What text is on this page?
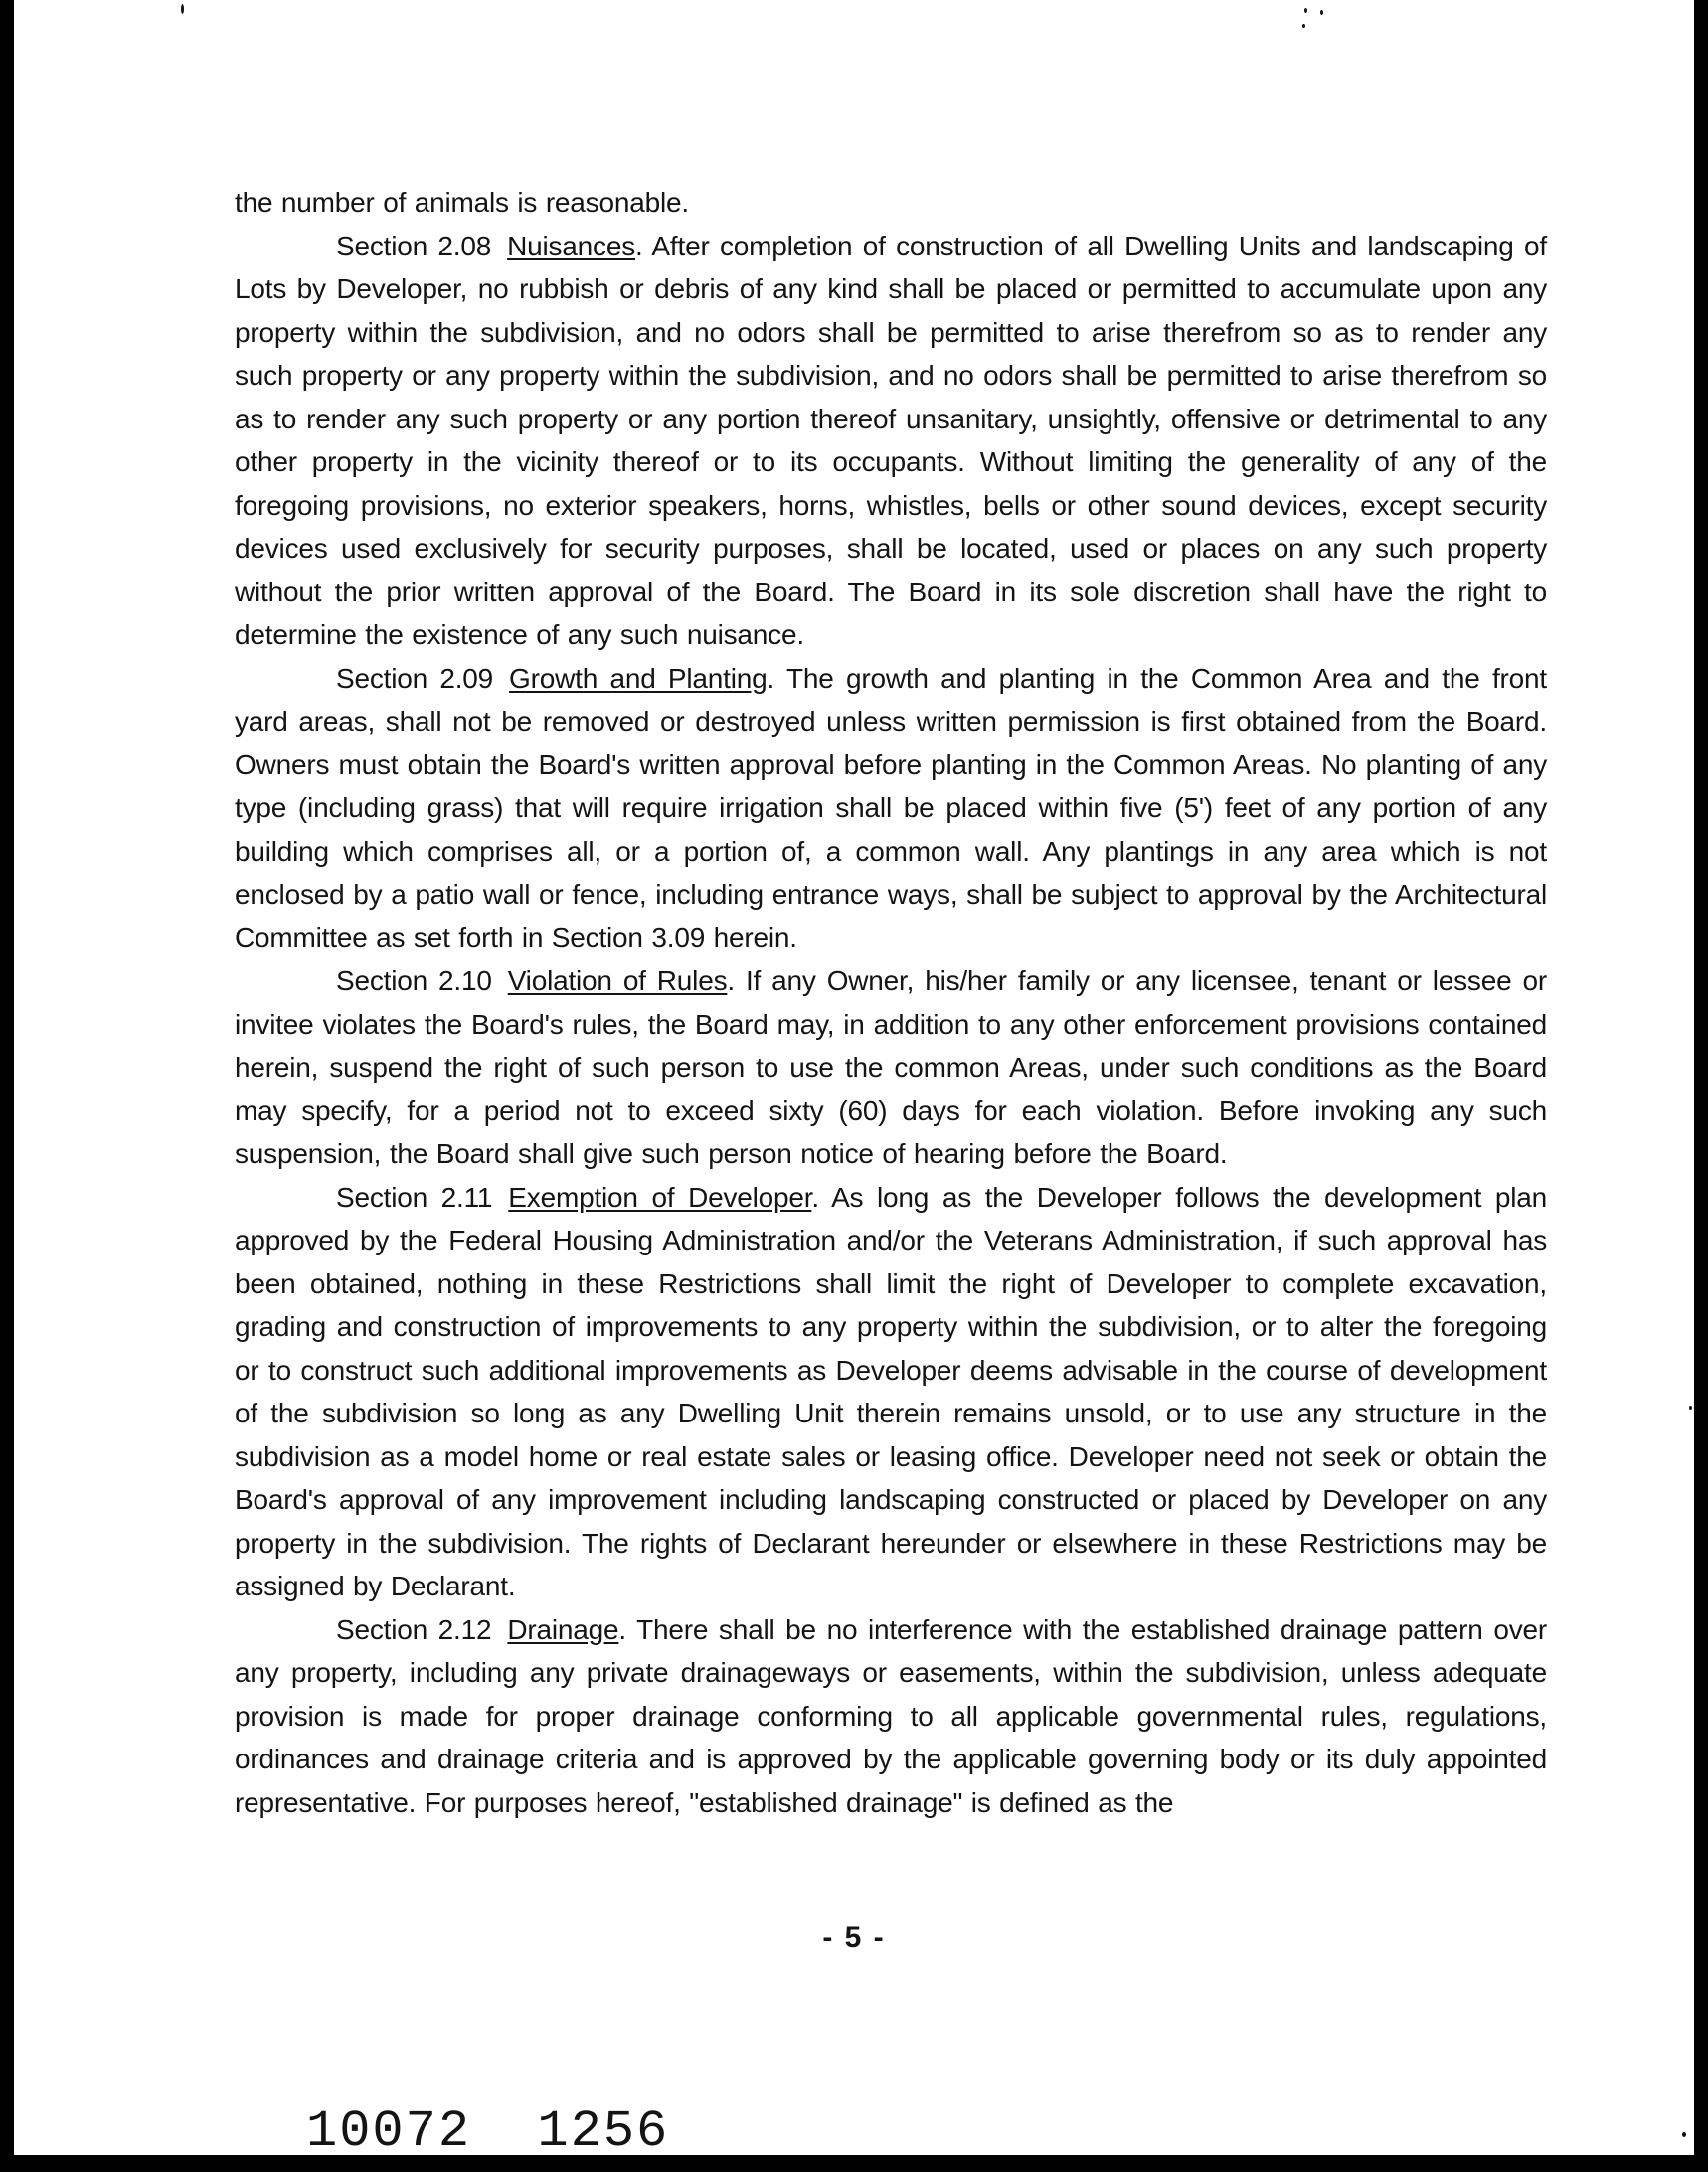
the number of animals is reasonable.

Section 2.08 Nuisances. After completion of construction of all Dwelling Units and landscaping of Lots by Developer, no rubbish or debris of any kind shall be placed or permitted to accumulate upon any property within the subdivision, and no odors shall be permitted to arise therefrom so as to render any such property or any property within the subdivision, and no odors shall be permitted to arise therefrom so as to render any such property or any portion thereof unsanitary, unsightly, offensive or detrimental to any other property in the vicinity thereof or to its occupants. Without limiting the generality of any of the foregoing provisions, no exterior speakers, horns, whistles, bells or other sound devices, except security devices used exclusively for security purposes, shall be located, used or places on any such property without the prior written approval of the Board. The Board in its sole discretion shall have the right to determine the existence of any such nuisance.

Section 2.09 Growth and Planting. The growth and planting in the Common Area and the front yard areas, shall not be removed or destroyed unless written permission is first obtained from the Board. Owners must obtain the Board's written approval before planting in the Common Areas. No planting of any type (including grass) that will require irrigation shall be placed within five (5') feet of any portion of any building which comprises all, or a portion of, a common wall. Any plantings in any area which is not enclosed by a patio wall or fence, including entrance ways, shall be subject to approval by the Architectural Committee as set forth in Section 3.09 herein.

Section 2.10 Violation of Rules. If any Owner, his/her family or any licensee, tenant or lessee or invitee violates the Board's rules, the Board may, in addition to any other enforcement provisions contained herein, suspend the right of such person to use the common Areas, under such conditions as the Board may specify, for a period not to exceed sixty (60) days for each violation. Before invoking any such suspension, the Board shall give such person notice of hearing before the Board.

Section 2.11 Exemption of Developer. As long as the Developer follows the development plan approved by the Federal Housing Administration and/or the Veterans Administration, if such approval has been obtained, nothing in these Restrictions shall limit the right of Developer to complete excavation, grading and construction of improvements to any property within the subdivision, or to alter the foregoing or to construct such additional improvements as Developer deems advisable in the course of development of the subdivision so long as any Dwelling Unit therein remains unsold, or to use any structure in the subdivision as a model home or real estate sales or leasing office. Developer need not seek or obtain the Board's approval of any improvement including landscaping constructed or placed by Developer on any property in the subdivision. The rights of Declarant hereunder or elsewhere in these Restrictions may be assigned by Declarant.

Section 2.12 Drainage. There shall be no interference with the established drainage pattern over any property, including any private drainageways or easements, within the subdivision, unless adequate provision is made for proper drainage conforming to all applicable governmental rules, regulations, ordinances and drainage criteria and is approved by the applicable governing body or its duly appointed representative. For purposes hereof, "established drainage" is defined as the

- 5 -
10072  1256
